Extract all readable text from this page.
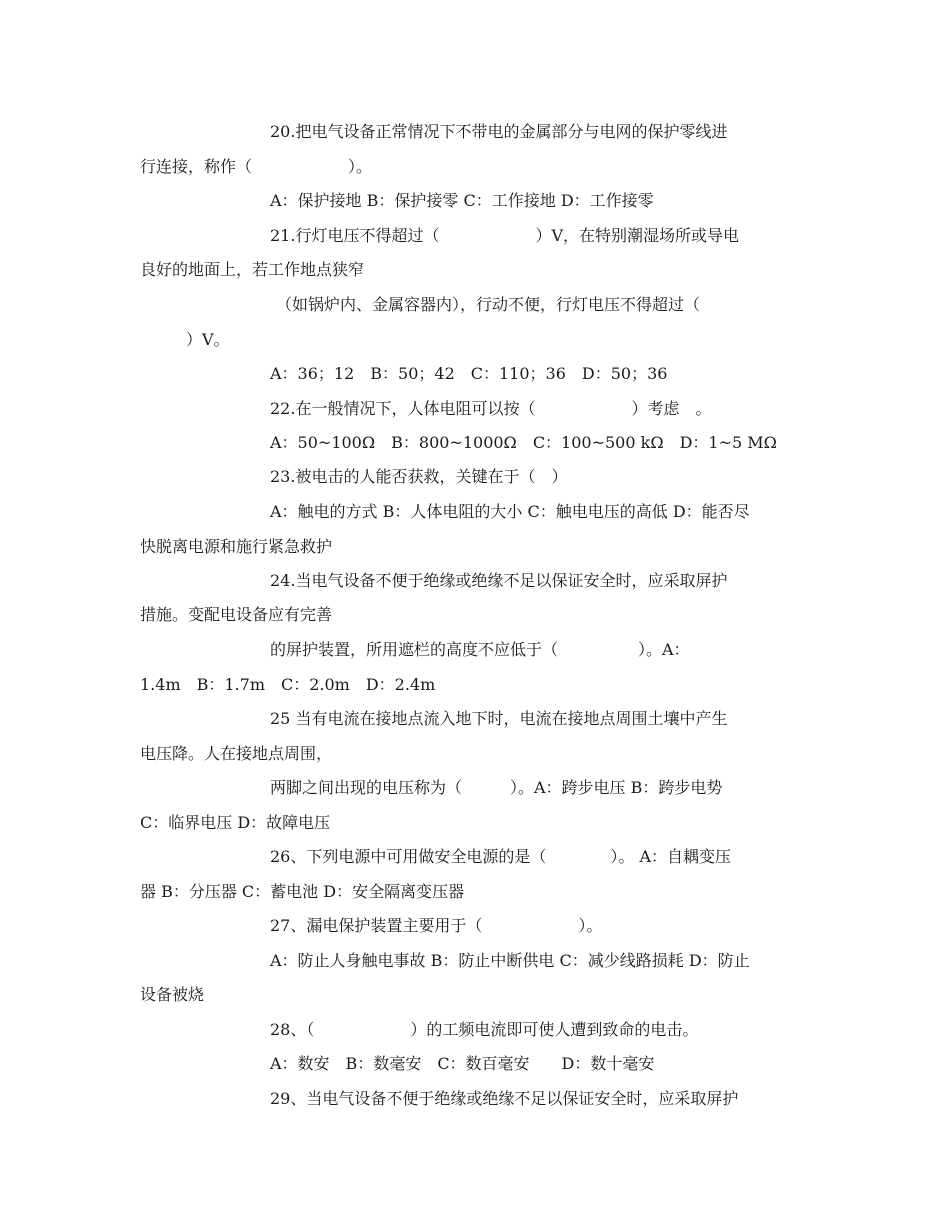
20.把电气设备正常情况下不带电的金属部分与电网的保护零线进
行连接，称作（　　　　　　）。
A：保护接地 B：保护接零 C：工作接地 D：工作接零
21.行灯电压不得超过（　　　　　　）V，在特别潮湿场所或导电
良好的地面上，若工作地点狭窄
（如锅炉内、金属容器内），行动不便，行灯电压不得超过（
）V。
A：36；12　B：50；42　C：110；36　D：50；36
22.在一般情况下，人体电阻可以按（　　　　　　）考虑　。
A：50~100Ω　B：800~1000Ω　C：100~500 kΩ　D：1~5 MΩ
23.被电击的人能否获救，关键在于（　）
A：触电的方式 B：人体电阻的大小 C：触电电压的高低 D：能否尽
快脱离电源和施行紧急救护
24.当电气设备不便于绝缘或绝缘不足以保证安全时，应采取屏护
措施。变配电设备应有完善
的屏护装置，所用遮栏的高度不应低于（　　　　　）。A：
1.4m　B：1.7m　C：2.0m　D：2.4m
25 当有电流在接地点流入地下时，电流在接地点周围土壤中产生
电压降。人在接地点周围，
两脚之间出现的电压称为（　　　）。A：跨步电压 B：跨步电势
C：临界电压 D：故障电压
26、下列电源中可用做安全电源的是（　　　　）。 A：自耦变压
器 B：分压器 C：蓄电池 D：安全隔离变压器
27、漏电保护装置主要用于（　　　　　　）。
A：防止人身触电事故 B：防止中断供电 C：减少线路损耗 D：防止
设备被烧
28、（　　　　　　）的工频电流即可使人遭到致命的电击。
A：数安　B：数毫安　C：数百毫安　　D：数十毫安
29、当电气设备不便于绝缘或绝缘不足以保证安全时，应采取屏护
